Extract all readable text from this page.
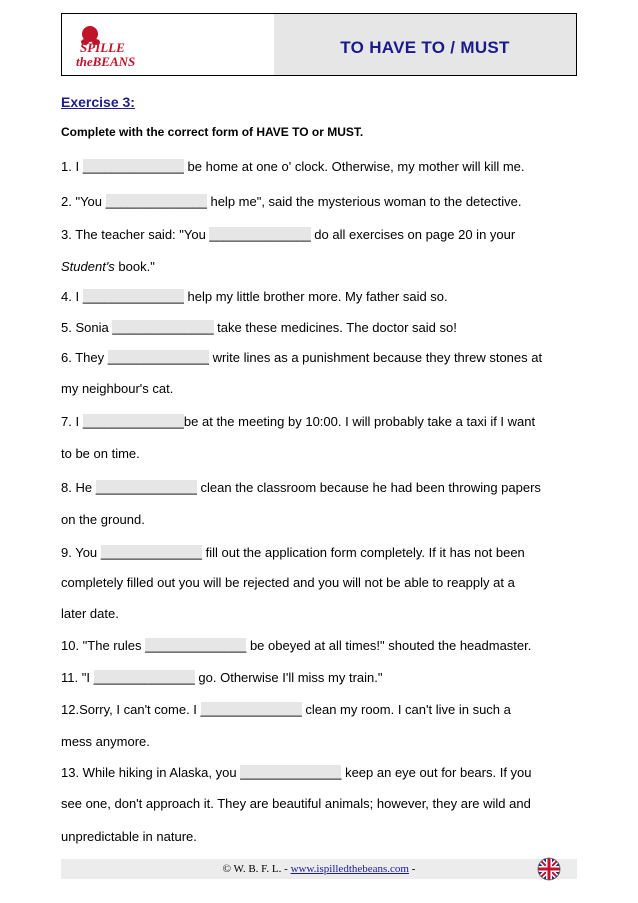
SPILLE
theBEANS
TO HAVE TO / MUST
Exercise 3:
Complete with the correct form of HAVE TO or MUST.
1. I ______________ be home at one o' clock. Otherwise, my mother will kill me.
2. "You ______________ help me", said the mysterious woman to the detective.
3. The teacher said: "You ______________ do all exercises on page 20 in your
Student's book."
4. I ______________ help my little brother more. My father said so.
5. Sonia ______________ take these medicines. The doctor said so!
6. They ______________ write lines as a punishment because they threw stones at
my neighbour's cat.
7. I ______________be at the meeting by 10:00. I will probably take a taxi if I want
to be on time.
8. He ______________ clean the classroom because he had been throwing papers
on the ground.
9. You ______________ fill out the application form completely. If it has not been
completely filled out you will be rejected and you will not be able to reapply at a
later date.
10. "The rules ______________ be obeyed at all times!" shouted the headmaster.
11. "I ______________ go. Otherwise I'll miss my train."
12.Sorry, I can't come. I ______________ clean my room. I can't live in such a
mess anymore.
13. While hiking in Alaska, you ______________ keep an eye out for bears. If you
see one, don't approach it. They are beautiful animals; however, they are wild and
unpredictable in nature.
© W. B. F. L. - www.ispilledthebeans.com -
